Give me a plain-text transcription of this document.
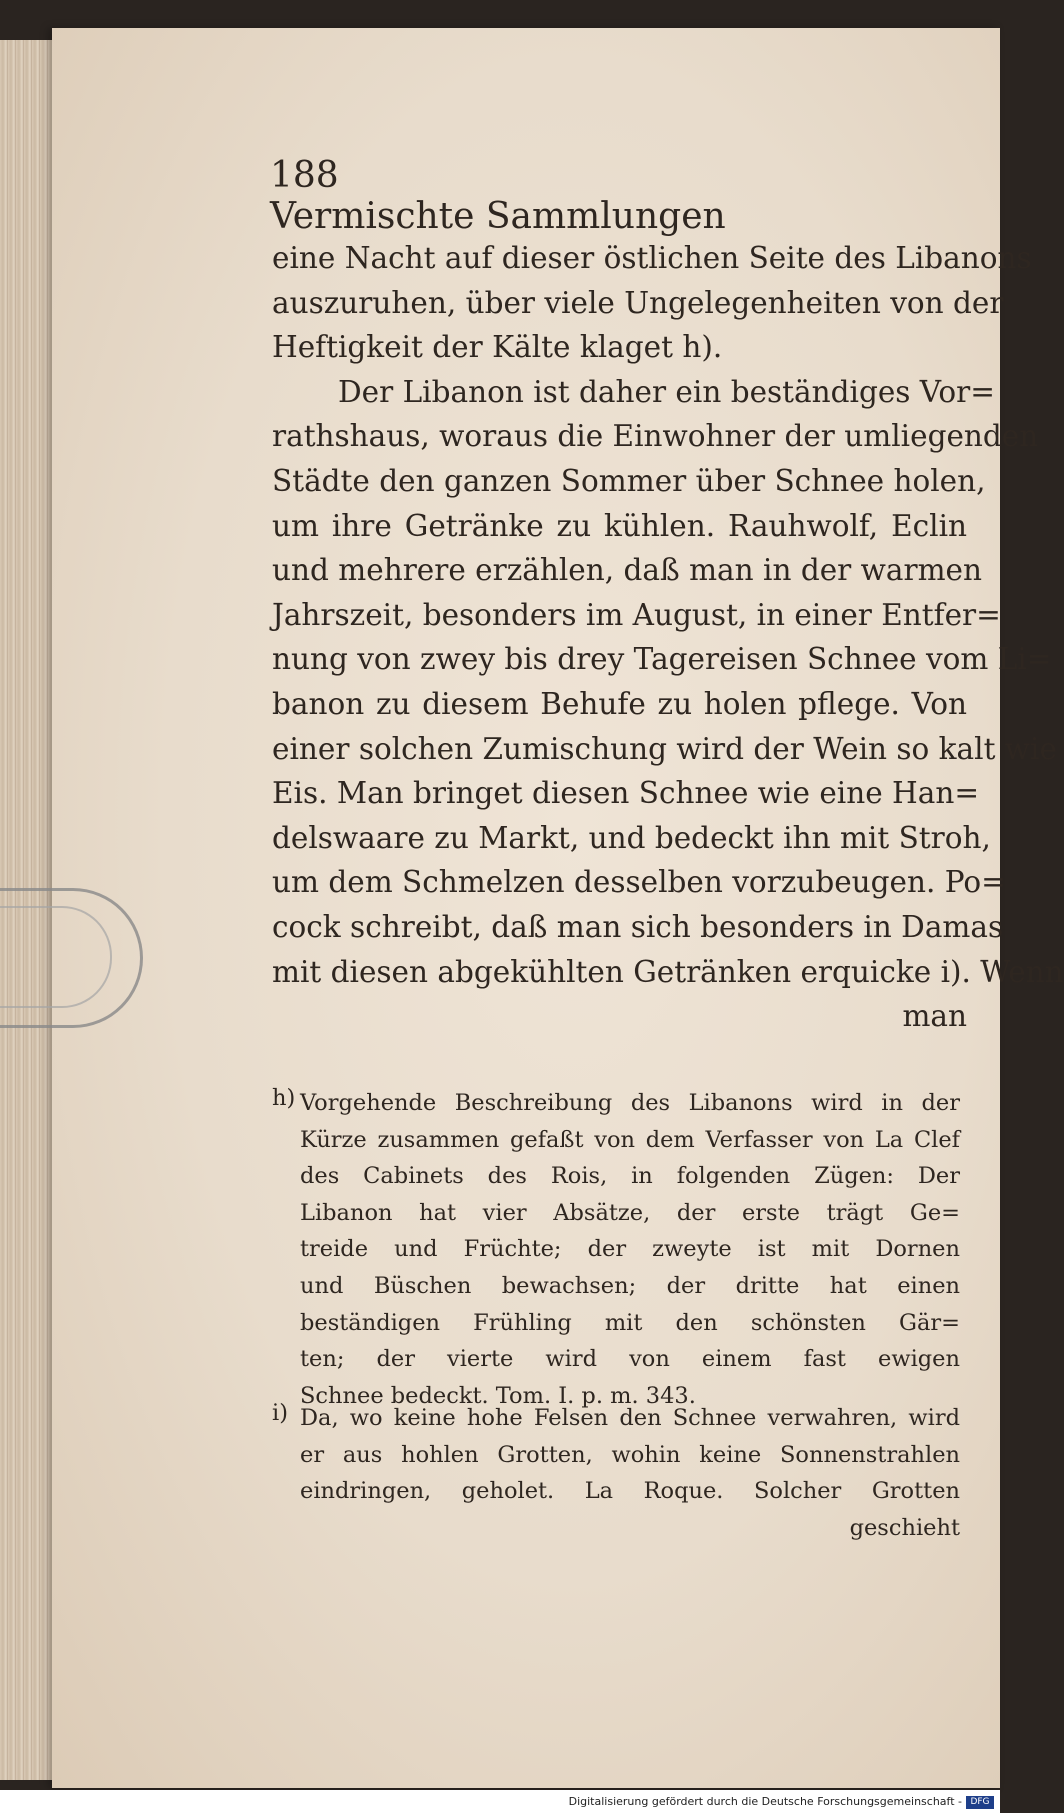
188 Vermischte Sammlungen
eine Nacht auf dieser östlichen Seite des Libanons
auszuruhen, über viele Ungelegenheiten von der
Heftigkeit der Kälte klaget h).
Der Libanon ist daher ein beständiges Vor=
rathshaus, woraus die Einwohner der umliegenden
Städte den ganzen Sommer über Schnee holen,
um ihre Getränke zu kühlen. Rauhwolf, Eclin
und mehrere erzählen, daß man in der warmen
Jahrszeit, besonders im August, in einer Entfer=
nung von zwey bis drey Tagereisen Schnee vom Li=
banon zu diesem Behufe zu holen pflege. Von
einer solchen Zumischung wird der Wein so kalt wie
Eis. Man bringet diesen Schnee wie eine Han=
delswaare zu Markt, und bedeckt ihn mit Stroh,
um dem Schmelzen desselben vorzubeugen. Po=
cock schreibt, daß man sich besonders in Damas
mit diesen abgekühlten Getränken erquicke i). Wenn
man
h) Vorgehende Beschreibung des Libanons wird in der
Kürze zusammen gefaßt von dem Verfasser von La Clef
des Cabinets des Rois, in folgenden Zügen: Der
Libanon hat vier Absätze, der erste trägt Ge=
treide und Früchte; der zweyte ist mit Dornen
und Büschen bewachsen; der dritte hat einen
beständigen Frühling mit den schönsten Gär=
ten; der vierte wird von einem fast ewigen
Schnee bedeckt. Tom. I. p. m. 343.
i) Da, wo keine hohe Felsen den Schnee verwahren, wird
er aus hohlen Grotten, wohin keine Sonnenstrahlen
eindringen, geholet. La Roque. Solcher Grotten
geschieht
Digitalisierung gefördert durch die Deutsche Forschungsgemeinschaft - DFG
